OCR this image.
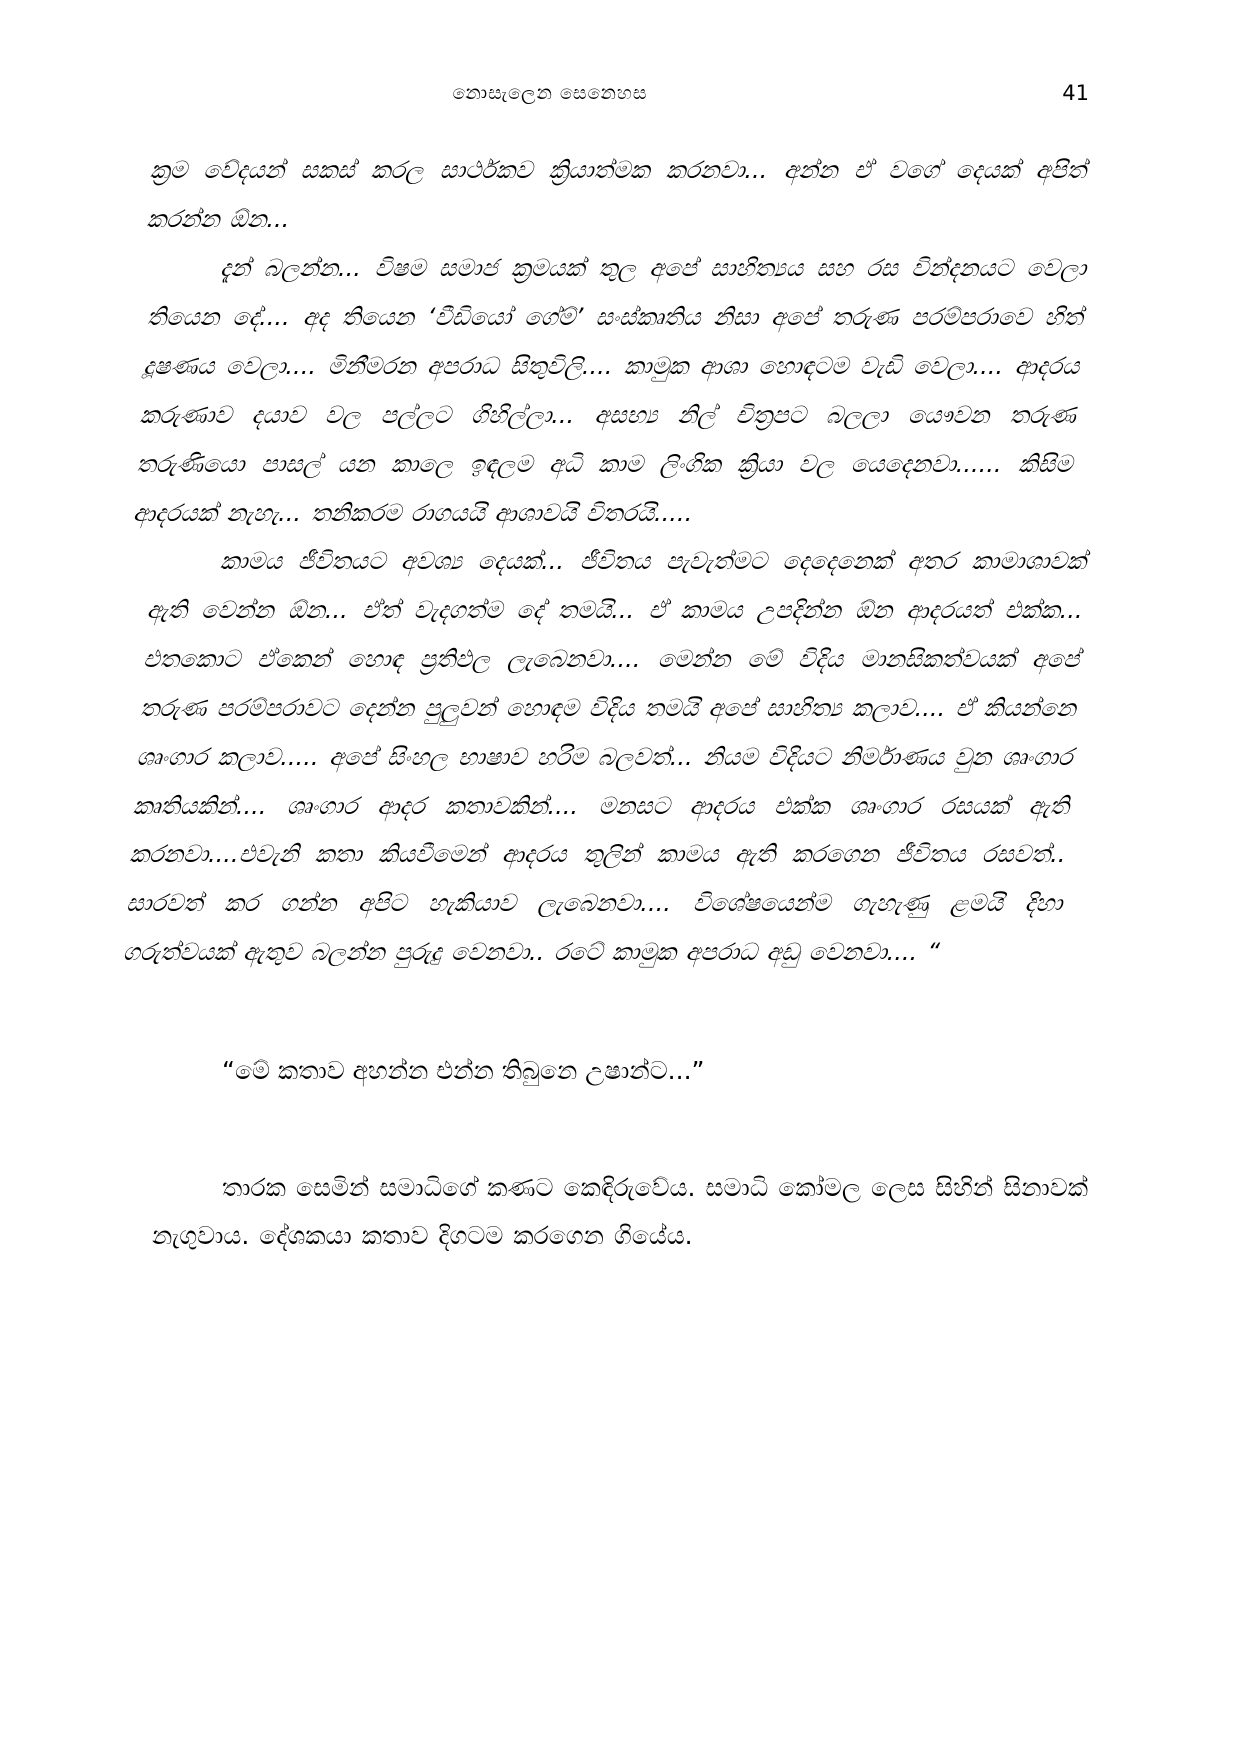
නොසැලෙන සෙනෙහස	41

ක්‍රම වේදයන් සකස් කරල සාර්ථකව ක්‍රියාත්මක කරනවා... අන්න ඒ වගේ දෙයක් අපිත් කරන්න ඕන...

දැන් බලන්න... විෂම සමාජ ක්‍රමයක් තුල අපේ සාහිත්‍යය සහ රස වින්දනයට වෙලා තියෙන දේ.... අද තියෙන ‘වීඩියෝ ගේම්’ සංස්කෘතිය නිසා අපේ තරුණ පරම්පරාවෙ හිත් දූෂණය වෙලා.... මිනීමරන අපරාධ සිතුවිලි.... කාමුක ආශා හොඳටම වැඩි වෙලා.... ආදරය කරුණාව දයාව වල පල්ලට ගිහිල්ලා... අසභ්‍ය නිල් චිත්‍රපට බලලා යෞවන තරුණ තරුණියො පාසල් යන කාලෙ ඉඳලම අධි කාම ලිංගික ක්‍රියා වල යෙදෙනවා...... කිසිම ආදරයක් නැහැ... තනිකරම රාගයයි ආශාවයි විතරයි.....

කාමය ජීවිතයට අවශ්‍ය දෙයක්... ජීවිතය පැවැත්මට දෙදෙනෙක් අතර කාමාශාවක් ඇති වෙන්න ඕන... ඒත් වැදගත්ම දේ තමයි... ඒ කාමය උපදින්න ඕන ආදරයත් එක්ක... එතකොට ඒකෙන් හොඳ ප්‍රතිඵල ලැබෙනවා.... මෙන්න මේ විදිය මානසිකත්වයක් අපේ තරුණ පරම්පරාවට දෙන්න පුලුවන් හොඳම විදිය තමයි අපේ සාහිත්‍ය කලාව.... ඒ කියන්නෙ ශෘංගාර කලාව..... අපේ සිංහල භාෂාව හරිම බලවත්... නියම විදියට නිර්මාණය වුන ශෘංගාර කෘතියකින්.... ශෘංගාර ආදර කතාවකින්.... මනසට ආදරය එක්ක ශෘංගාර රසයක් ඇති කරනවා....එවැනි කතා කියවීමෙන් ආදරය තුලින් කාමය ඇති කරගෙන ජීවිතය රසවත්.. සාරවත් කර ගන්න අපිට හැකියාව ලැබෙනවා.... විශේෂයෙන්ම ගැහැණු ළමයි දිහා ගරුත්වයක් ඇතුව බලන්න පුරුදු වෙනවා.. රටේ කාමුක අපරාධ අඩු වෙනවා.... “

“මේ කතාව අහන්න එන්න තිබුනෙ උෂාන්ට...”

තාරක සෙමින් සමාධිගේ කණට කෙඳිරුවේය. සමාධි කෝමල ලෙස සිහින් සිනාවක් නැගුවාය. දේශකයා කතාව දිගටම කරගෙන ගියේය.
